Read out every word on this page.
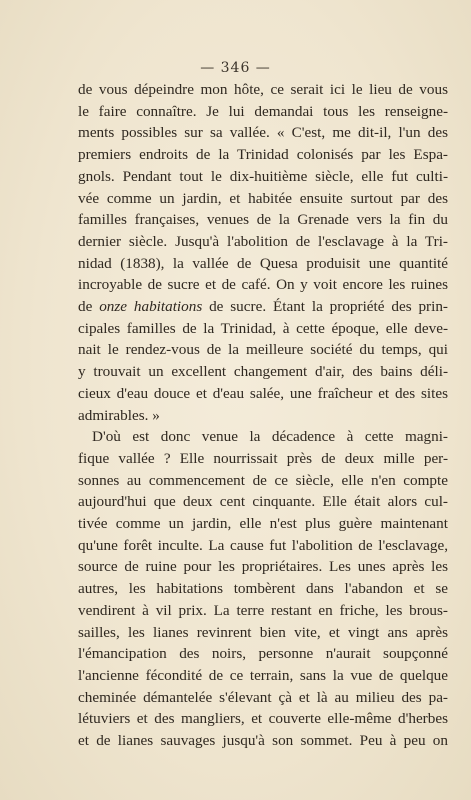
— 346 —
de vous dépeindre mon hôte, ce serait ici le lieu de vous
le faire connaître. Je lui demandai tous les renseigne-
ments possibles sur sa vallée. « C'est, me dit-il, l'un des
premiers endroits de la Trinidad colonisés par les Espa-
gnols. Pendant tout le dix-huitième siècle, elle fut culti-
vée comme un jardin, et habitée ensuite surtout par des
familles françaises, venues de la Grenade vers la fin du
dernier siècle. Jusqu'à l'abolition de l'esclavage à la Tri-
nidad (1838), la vallée de Quesa produisit une quantité
incroyable de sucre et de café. On y voit encore les ruines
de onze habitations de sucre. Étant la propriété des prin-
cipales familles de la Trinidad, à cette époque, elle deve-
nait le rendez-vous de la meilleure société du temps, qui
y trouvait un excellent changement d'air, des bains déli-
cieux d'eau douce et d'eau salée, une fraîcheur et des sites
admirables. »
D'où est donc venue la décadence à cette magni-
fique vallée ? Elle nourrissait près de deux mille per-
sonnes au commencement de ce siècle, elle n'en compte
aujourd'hui que deux cent cinquante. Elle était alors cul-
tivée comme un jardin, elle n'est plus guère maintenant
qu'une forêt inculte. La cause fut l'abolition de l'esclavage,
source de ruine pour les propriétaires. Les unes après les
autres, les habitations tombèrent dans l'abandon et se
vendirent à vil prix. La terre restant en friche, les brous-
sailles, les lianes revinrent bien vite, et vingt ans après
l'émancipation des noirs, personne n'aurait soupçonné
l'ancienne fécondité de ce terrain, sans la vue de quelque
cheminée démantelée s'élevant çà et là au milieu des pa-
létuviers et des mangliers, et couverte elle-même d'herbes
et de lianes sauvages jusqu'à son sommet. Peu à peu on
